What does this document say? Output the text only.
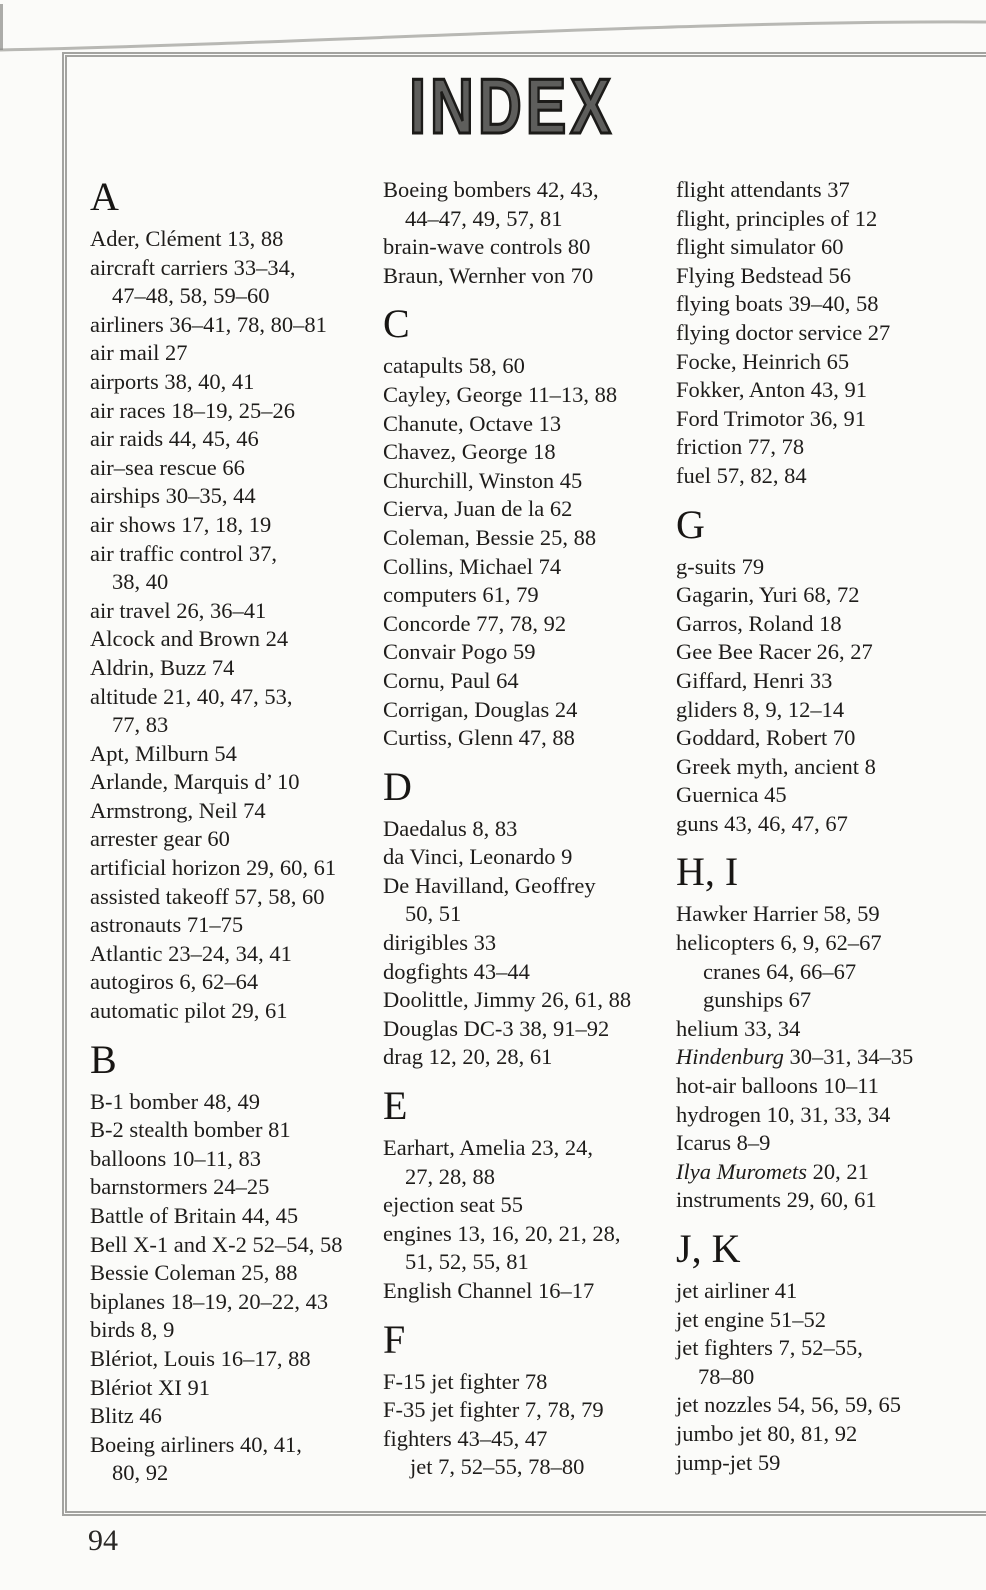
INDEX
A
Ader, Clément 13, 88
aircraft carriers 33–34,
47–48, 58, 59–60
airliners 36–41, 78, 80–81
air mail 27
airports 38, 40, 41
air races 18–19, 25–26
air raids 44, 45, 46
air–sea rescue 66
airships 30–35, 44
air shows 17, 18, 19
air traffic control 37,
38, 40
air travel 26, 36–41
Alcock and Brown 24
Aldrin, Buzz 74
altitude 21, 40, 47, 53,
77, 83
Apt, Milburn 54
Arlande, Marquis d’ 10
Armstrong, Neil 74
arrester gear 60
artificial horizon 29, 60, 61
assisted takeoff 57, 58, 60
astronauts 71–75
Atlantic 23–24, 34, 41
autogiros 6, 62–64
automatic pilot 29, 61
B
B-1 bomber 48, 49
B-2 stealth bomber 81
balloons 10–11, 83
barnstormers 24–25
Battle of Britain 44, 45
Bell X-1 and X-2 52–54, 58
Bessie Coleman 25, 88
biplanes 18–19, 20–22, 43
birds 8, 9
Blériot, Louis 16–17, 88
Blériot XI 91
Blitz 46
Boeing airliners 40, 41,
80, 92
Boeing bombers 42, 43,
44–47, 49, 57, 81
brain-wave controls 80
Braun, Wernher von 70
C
catapults 58, 60
Cayley, George 11–13, 88
Chanute, Octave 13
Chavez, George 18
Churchill, Winston 45
Cierva, Juan de la 62
Coleman, Bessie 25, 88
Collins, Michael 74
computers 61, 79
Concorde 77, 78, 92
Convair Pogo 59
Cornu, Paul 64
Corrigan, Douglas 24
Curtiss, Glenn 47, 88
D
Daedalus 8, 83
da Vinci, Leonardo 9
De Havilland, Geoffrey
50, 51
dirigibles 33
dogfights 43–44
Doolittle, Jimmy 26, 61, 88
Douglas DC-3 38, 91–92
drag 12, 20, 28, 61
E
Earhart, Amelia 23, 24,
27, 28, 88
ejection seat 55
engines 13, 16, 20, 21, 28,
51, 52, 55, 81
English Channel 16–17
F
F-15 jet fighter 78
F-35 jet fighter 7, 78, 79
fighters 43–45, 47
jet 7, 52–55, 78–80
flight attendants 37
flight, principles of 12
flight simulator 60
Flying Bedstead 56
flying boats 39–40, 58
flying doctor service 27
Focke, Heinrich 65
Fokker, Anton 43, 91
Ford Trimotor 36, 91
friction 77, 78
fuel 57, 82, 84
G
g-suits 79
Gagarin, Yuri 68, 72
Garros, Roland 18
Gee Bee Racer 26, 27
Giffard, Henri 33
gliders 8, 9, 12–14
Goddard, Robert 70
Greek myth, ancient 8
Guernica 45
guns 43, 46, 47, 67
H, I
Hawker Harrier 58, 59
helicopters 6, 9, 62–67
cranes 64, 66–67
gunships 67
helium 33, 34
Hindenburg 30–31, 34–35
hot-air balloons 10–11
hydrogen 10, 31, 33, 34
Icarus 8–9
Ilya Muromets 20, 21
instruments 29, 60, 61
J, K
jet airliner 41
jet engine 51–52
jet fighters 7, 52–55,
78–80
jet nozzles 54, 56, 59, 65
jumbo jet 80, 81, 92
jump-jet 59
94
